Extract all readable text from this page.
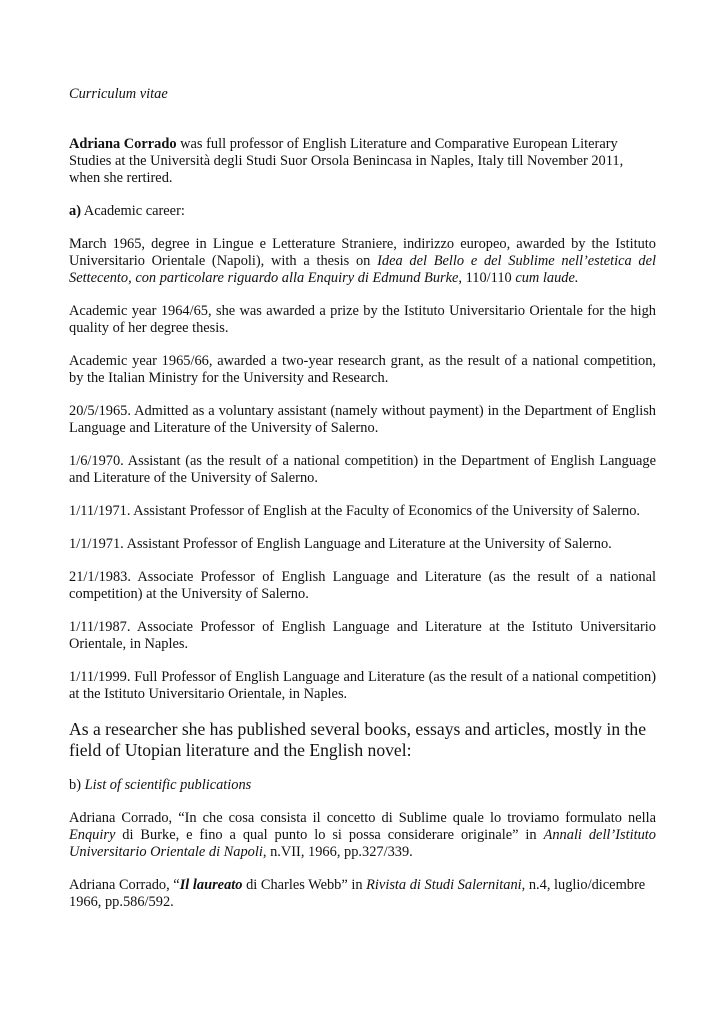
Curriculum vitae

Adriana Corrado was full professor of English Literature and Comparative European Literary Studies at the Università degli Studi Suor Orsola Benincasa in Naples, Italy till November 2011, when she rertired.

a) Academic career:

March 1965, degree in Lingue e Letterature Straniere, indirizzo europeo, awarded by the Istituto Universitario Orientale (Napoli), with a thesis on Idea del Bello e del Sublime nell’estetica del Settecento, con particolare riguardo alla Enquiry di Edmund Burke, 110/110 cum laude.

Academic year 1964/65, she was awarded a prize by the Istituto Universitario Orientale for the high quality of her degree thesis.

Academic year 1965/66, awarded a two-year research grant, as the result of a national competition, by the Italian Ministry for the University and Research.

20/5/1965. Admitted as a voluntary assistant (namely without payment) in the Department of English Language and Literature of the University of Salerno.

1/6/1970. Assistant (as the result of a national competition) in the Department of English Language and Literature of the University of Salerno.

1/11/1971. Assistant Professor of English at the Faculty of Economics of the University of Salerno.

1/1/1971. Assistant Professor of English Language and Literature at the University of Salerno.

21/1/1983. Associate Professor of English Language and Literature (as the result of a national competition) at the University of Salerno.

1/11/1987. Associate Professor of English Language and Literature at the Istituto Universitario Orientale, in Naples.

1/11/1999. Full Professor of English Language and Literature (as the result of a national competition) at the Istituto Universitario Orientale, in Naples.

As a researcher she has published several books, essays and articles, mostly in the field of Utopian literature and the English novel:

b) List of scientific publications

Adriana Corrado, “In che cosa consista il concetto di Sublime quale lo troviamo formulato nella Enquiry di Burke, e fino a qual punto lo si possa considerare originale” in Annali dell’Istituto Universitario Orientale di Napoli, n.VII, 1966, pp.327/339.

Adriana Corrado, “Il laureato di Charles Webb” in Rivista di Studi Salernitani, n.4, luglio/dicembre 1966, pp.586/592.
